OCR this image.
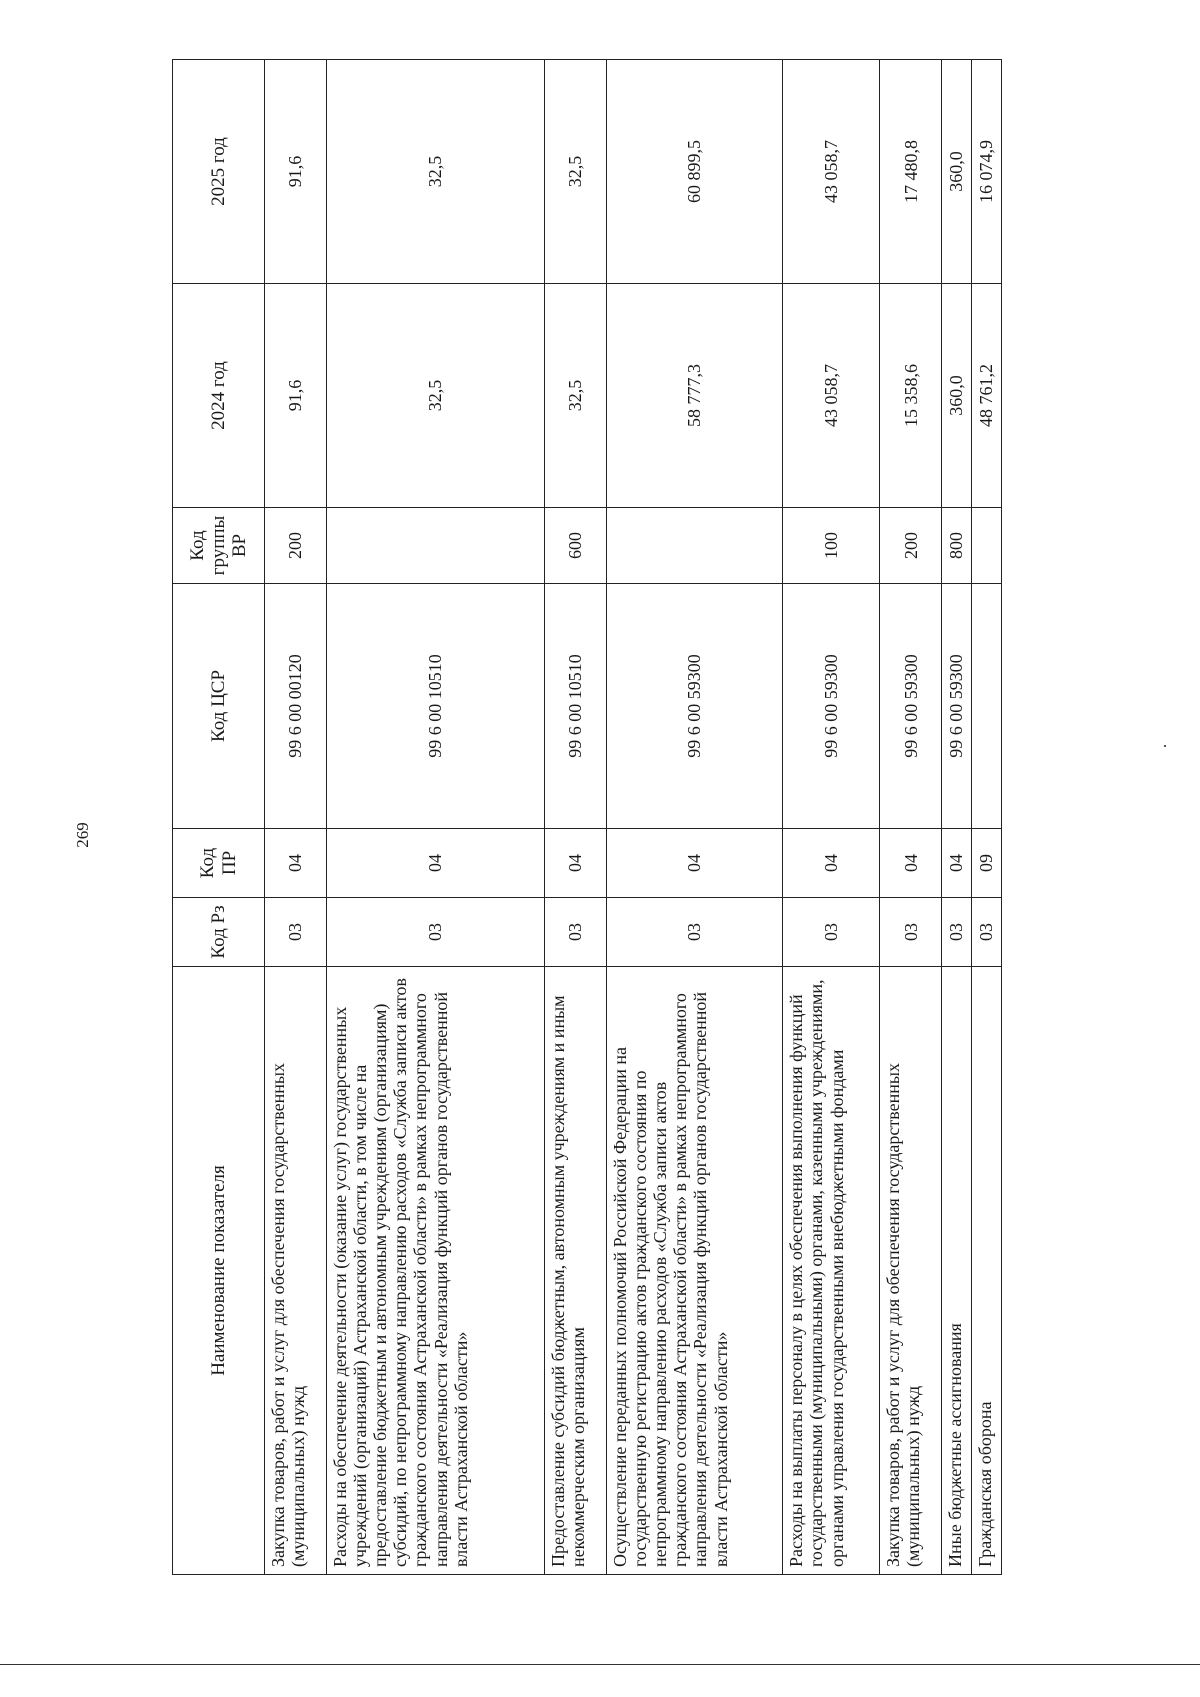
269
Наименование показателя	Код Рз	Код ПР	Код ЦСР	Код группы ВР	2024 год	2025 год
Закупка товаров, работ и услуг для обеспечения государственных (муниципальных) нужд	03	04	99 6 00 00120	200	91,6	91,6
Расходы на обеспечение деятельности (оказание услуг) государственных учреждений (организаций) Астраханской области, в том числе на предоставление бюджетным и автономным учреждениям (организациям) субсидий, по непрограммному направлению расходов «Служба записи актов гражданского состояния Астраханской области» в рамках непрограммного направления деятельности «Реализация функций органов государственной власти Астраханской области»	03	04	99 6 00 10510		32,5	32,5
Предоставление субсидий бюджетным, автономным учреждениям и иным некоммерческим организациям	03	04	99 6 00 10510	600	32,5	32,5
Осуществление переданных полномочий Российской Федерации на государственную регистрацию актов гражданского состояния по непрограммному направлению расходов «Служба записи актов гражданского состояния Астраханской области» в рамках непрограммного направления деятельности «Реализация функций органов государственной власти Астраханской области»	03	04	99 6 00 59300		58 777,3	60 899,5
Расходы на выплаты персоналу в целях обеспечения выполнения функций государственными (муниципальными) органами, казенными учреждениями, органами управления государственными внебюджетными фондами	03	04	99 6 00 59300	100	43 058,7	43 058,7
Закупка товаров, работ и услуг для обеспечения государственных (муниципальных) нужд	03	04	99 6 00 59300	200	15 358,6	17 480,8
Иные бюджетные ассигнования	03	04	99 6 00 59300	800	360,0	360,0
Гражданская оборона	03	09			48 761,2	16 074,9
